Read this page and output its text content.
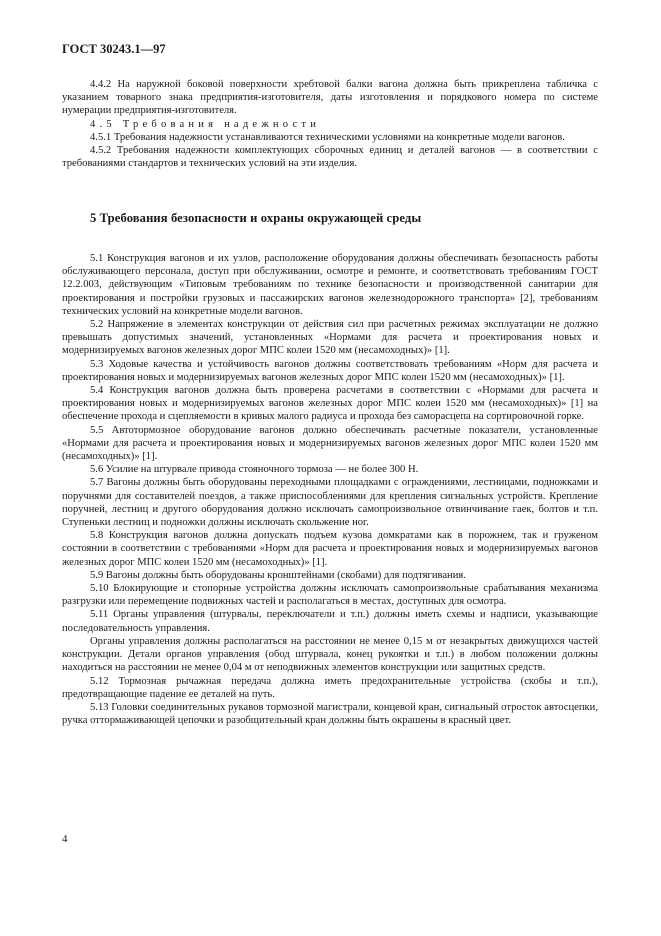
ГОСТ 30243.1—97

4.4.2 На наружной боковой поверхности хребтовой балки вагона должна быть прикреплена табличка с указанием товарного знака предприятия-изготовителя, даты изготовления и порядкового номера по системе нумерации предприятия-изготовителя.

4.5 Требования надежности

4.5.1 Требования надежности устанавливаются техническими условиями на конкретные модели вагонов.

4.5.2 Требования надежности комплектующих сборочных единиц и деталей вагонов — в соответствии с требованиями стандартов и технических условий на эти изделия.

5 Требования безопасности и охраны окружающей среды

5.1 Конструкция вагонов и их узлов, расположение оборудования должны обеспечивать безопасность работы обслуживающего персонала, доступ при обслуживании, осмотре и ремонте, и соответствовать требованиям ГОСТ 12.2.003, действующим «Типовым требованиям по технике безопасности и производственной санитарии для проектирования и постройки грузовых и пассажирских вагонов железнодорожного транспорта» [2], требованиям технических условий на конкретные модели вагонов.

5.2 Напряжение в элементах конструкции от действия сил при расчетных режимах эксплуатации не должно превышать допустимых значений, установленных «Нормами для расчета и проектирования новых и модернизируемых вагонов железных дорог МПС колеи 1520 мм (несамоходных)» [1].

5.3 Ходовые качества и устойчивость вагонов должны соответствовать требованиям «Норм для расчета и проектирования новых и модернизируемых вагонов железных дорог МПС колеи 1520 мм (несамоходных)» [1].

5.4 Конструкция вагонов должна быть проверена расчетами в соответствии с «Нормами для расчета и проектирования новых и модернизируемых вагонов железных дорог МПС колеи 1520 мм (несамоходных)» [1] на обеспечение прохода и сцепляемости в кривых малого радиуса и прохода без саморасцепа на сортировочной горке.

5.5 Автотормозное оборудование вагонов должно обеспечивать расчетные показатели, установленные «Нормами для расчета и проектирования новых и модернизируемых вагонов железных дорог МПС колеи 1520 мм (несамоходных)» [1].

5.6 Усилие на штурвале привода стояночного тормоза — не более 300 Н.

5.7 Вагоны должны быть оборудованы переходными площадками с ограждениями, лестницами, подножками и поручнями для составителей поездов, а также приспособлениями для крепления сигнальных устройств. Крепление поручней, лестниц и другого оборудования должно исключать самопроизвольное отвинчивание гаек, болтов и т.п. Ступеньки лестниц и подножки должны исключать скольжение ног.

5.8 Конструкция вагонов должна допускать подъем кузова домкратами как в порожнем, так и груженом состоянии в соответствии с требованиями «Норм для расчета и проектирования новых и модернизируемых вагонов железных дорог МПС колеи 1520 мм (несамоходных)» [1].

5.9 Вагоны должны быть оборудованы кронштейнами (скобами) для подтягивания.

5.10 Блокирующие и стопорные устройства должны исключать самопроизвольные срабатывания механизма разгрузки или перемещение подвижных частей и располагаться в местах, доступных для осмотра.

5.11 Органы управления (штурвалы, переключатели и т.п.) должны иметь схемы и надписи, указывающие последовательность управления.

Органы управления должны располагаться на расстоянии не менее 0,15 м от незакрытых движущихся частей конструкции. Детали органов управления (обод штурвала, конец рукоятки и т.п.) в любом положении должны находиться на расстоянии не менее 0,04 м от неподвижных элементов конструкции или защитных средств.

5.12 Тормозная рычажная передача должна иметь предохранительные устройства (скобы и т.п.), предотвращающие падение ее деталей на путь.

5.13 Головки соединительных рукавов тормозной магистрали, концевой кран, сигнальный отросток автосцепки, ручка оттормаживающей цепочки и разобщительный кран должны быть окрашены в красный цвет.

4
